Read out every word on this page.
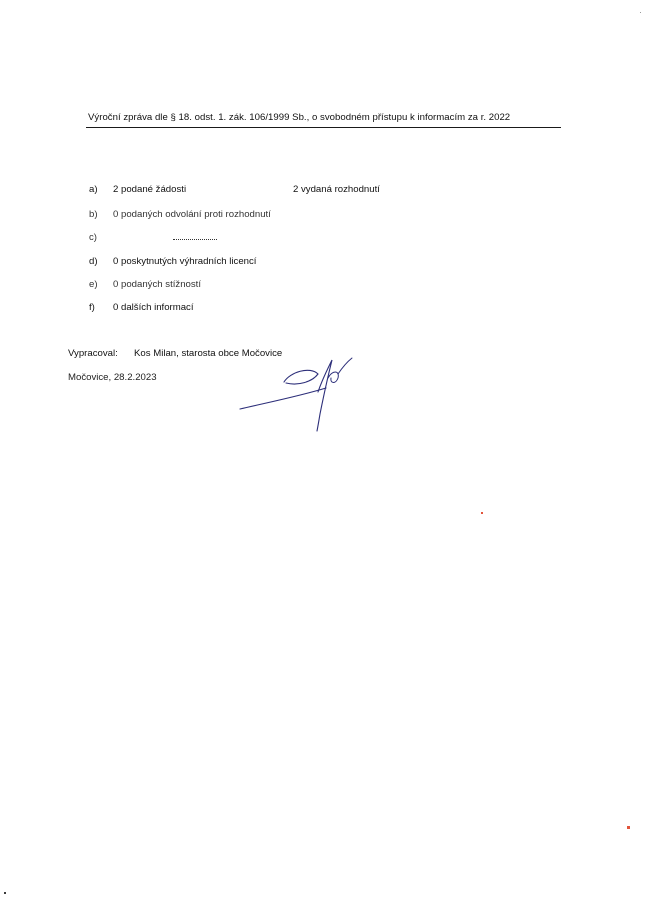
Výroční zpráva dle § 18. odst. 1. zák. 106/1999 Sb., o svobodném přístupu k informacím za r. 2022
a)	2 podané žádosti	2 vydaná rozhodnutí
b)	0 podaných odvolání proti rozhodnutí
c)
d)	0 poskytnutých výhradních licencí
e)	0 podaných stížností
f)	0 dalších informací
Vypracoval: Kos Milan, starosta obce Močovice
Močovice, 28.2.2023
